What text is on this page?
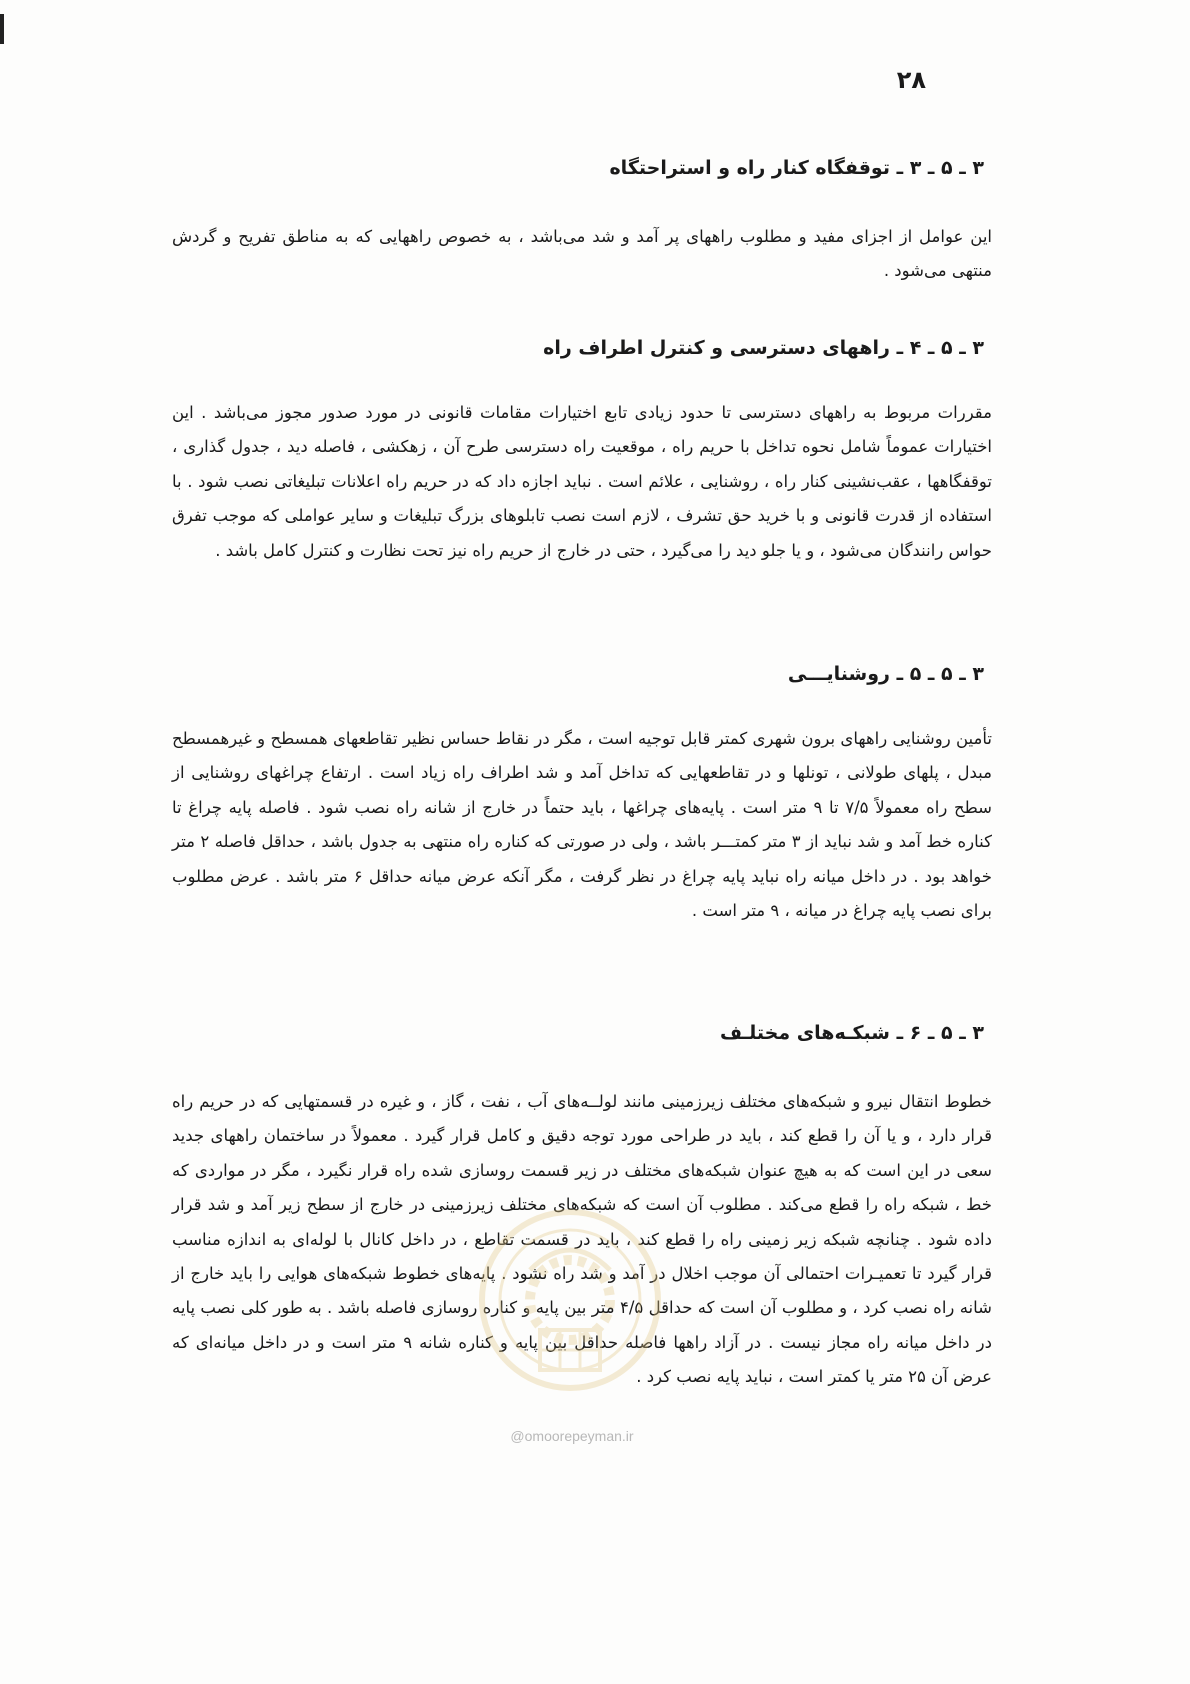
۲۸
۳ ـ ۵ ـ ۳ ـ توقفگاه کنار راه و استراحتگاه

این عوامل از اجزای مفید و مطلوب راههای پر آمد و شد می‌باشد ، به خصوص راههایی که به مناطق تفریح و گردش منتهی می‌شود .

۳ ـ ۵ ـ ۴ ـ راههای دسترسی و کنترل اطراف راه

مقررات مربوط به راههای دسترسی تا حدود زیادی تابع اختیارات مقامات قانونی در مورد صدور مجوز می‌باشد . این اختیارات عموماً شامل نحوه تداخل با حریم راه ، موقعیت راه دسترسی طرح آن ، زهکشی ، فاصله دید ، جدول گذاری ، توقفگاهها ، عقب‌نشینی کنار راه ، روشنایی ، علائم است . نباید اجازه داد که در حریم راه اعلانات تبلیغاتی نصب شود . با استفاده از قدرت قانونی و با خرید حق تشرف ، لازم است نصب تابلوهای بزرگ تبلیغات و سایر عواملی که موجب تفرق حواس رانندگان می‌شود ، و یا جلو دید را می‌گیرد ، حتی در خارج از حریم راه نیز تحت نظارت و کنترل کامل باشد .

۳ ـ ۵ ـ ۵ ـ روشنایـــی

تأمین روشنایی راههای برون شهری کمتر قابل توجیه است ، مگر در نقاط حساس نظیر تقاطعهای همسطح و غیرهمسطح مبدل ، پلهای طولانی ، تونلها و در تقاطعهایی که تداخل آمد و شد اطراف راه زیاد است . ارتفاع چراغهای روشنایی از سطح راه معمولاً ۷/۵ تا ۹ متر است . پایه‌های چراغها ، باید حتماً در خارج از شانه راه نصب شود . فاصله پایه چراغ تا کناره خط آمد و شد نباید از ۳ متر کمتـــر باشد ، ولی در صورتی که کناره راه منتهی به جدول باشد ، حداقل فاصله ۲ متر خواهد بود . در داخل میانه راه نباید پایه چراغ در نظر گرفت ، مگر آنکه عرض میانه حداقل ۶ متر باشد . عرض مطلوب برای نصب پایه چراغ در میانه ، ۹ متر است .

۳ ـ ۵ ـ ۶ ـ شبکـه‌های مختلـف

خطوط انتقال نیرو و شبکه‌های مختلف زیرزمینی مانند لولــه‌های آب ، نفت ، گاز ، و غیره در قسمتهایی که در حریم راه قرار دارد ، و یا آن را قطع کند ، باید در طراحی مورد توجه دقیق و کامل قرار گیرد . معمولاً در ساختمان راههای جدید سعی در این است که به هیچ عنوان شبکه‌های مختلف در زیر قسمت روسازی شده راه قرار نگیرد ، مگر در مواردی که خط ، شبکه راه را قطع می‌کند . مطلوب آن است که شبکه‌های مختلف زیرزمینی در خارج از سطح زیر آمد و شد قرار داده شود . چنانچه شبکه زیر زمینی راه را قطع کند ، باید در قسمت تقاطع ، در داخل کانال با لوله‌ای به اندازه مناسب قرار گیرد تا تعمیـرات احتمالی آن موجب اخلال در آمد و شد راه نشود . پایه‌های خطوط شبکه‌های هوایی را باید خارج از شانه راه نصب کرد ، و مطلوب آن است که حداقل ۴/۵ متر بین پایه و کناره روسازی فاصله باشد . به طور کلی نصب پایه در داخل میانه راه مجاز نیست . در آزاد راهها فاصله حداقل بین پایه و کناره شانه ۹ متر است و در داخل میانه‌ای که عرض آن ۲۵ متر یا کمتر است ، نباید پایه نصب کرد .

@omoorepeyman.ir
